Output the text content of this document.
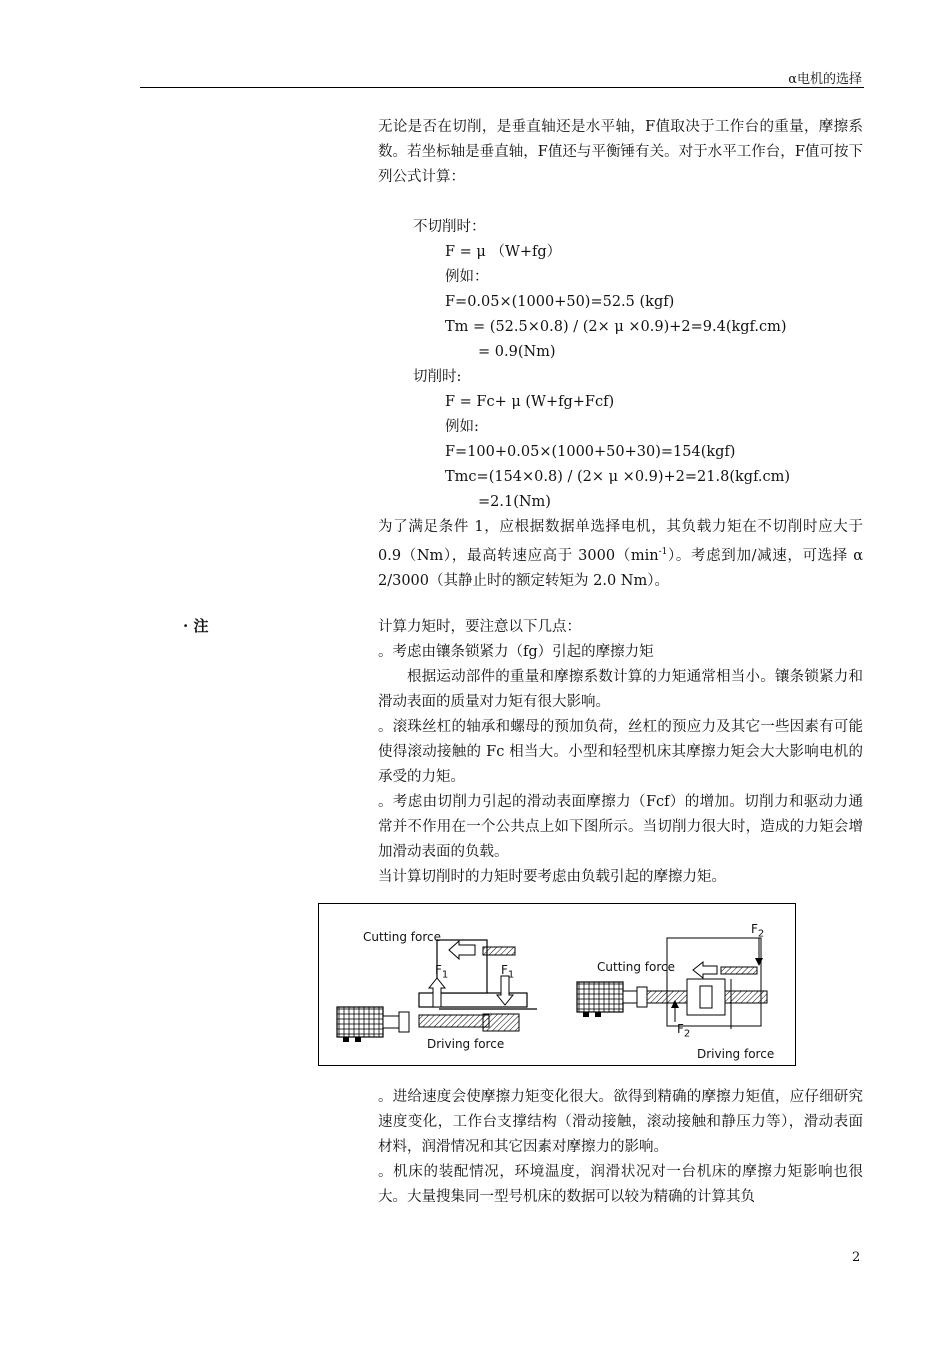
α电机的选择

无论是否在切削，是垂直轴还是水平轴，F值取决于工作台的重量，摩擦系数。若坐标轴是垂直轴，F值还与平衡锤有关。对于水平工作台，F值可按下列公式计算：

不切削时：
F = μ （W+fg）
例如：
F=0.05×(1000+50)=52.5 (kgf)
Tm = (52.5×0.8) / (2× μ ×0.9)+2=9.4(kgf.cm)
= 0.9(Nm)
切削时:
F = Fc+ μ (W+fg+Fcf)
例如:
F=100+0.05×(1000+50+30)=154(kgf)
Tmc=(154×0.8) / (2× μ ×0.9)+2=21.8(kgf.cm)
=2.1(Nm)

为了满足条件 1，应根据数据单选择电机，其负载力矩在不切削时应大于 0.9（Nm），最高转速应高于 $3000(\min^{-1})$。考虑到加/减速，可选择 α 2/3000（其静止时的额定转矩为 2.0 Nm）。

· 注	计算力矩时，要注意以下几点：

。考虑由镶条锁紧力（fg）引起的摩擦力矩

根据运动部件的重量和摩擦系数计算的力矩通常相当小。镶条锁紧力和滑动表面的质量对力矩有很大影响。

。滚珠丝杠的轴承和螺母的预加负荷，丝杠的预应力及其它一些因素有可能使得滚动接触的 Fc 相当大。小型和轻型机床其摩擦力矩会大大影响电机的承受的力矩。

。考虑由切削力引起的滑动表面摩擦力（Fcf）的增加。切削力和驱动力通常并不作用在一个公共点上如下图所示。当切削力很大时，造成的力矩会增加滑动表面的负载。

当计算切削时的力矩时要考虑由负载引起的摩擦力矩。

Cutting force
$F_1$	$F_1$
Driving force
$F_2$
Cutting force
$F_2$
Driving force

。进给速度会使摩擦力矩变化很大。欲得到精确的摩擦力矩值，应仔细研究速度变化，工作台支撑结构（滑动接触，滚动接触和静压力等），滑动表面材料，润滑情况和其它因素对摩擦力的影响。

。机床的装配情况，环境温度，润滑状况对一台机床的摩擦力矩影响也很大。大量搜集同一型号机床的数据可以较为精确的计算其负

2
